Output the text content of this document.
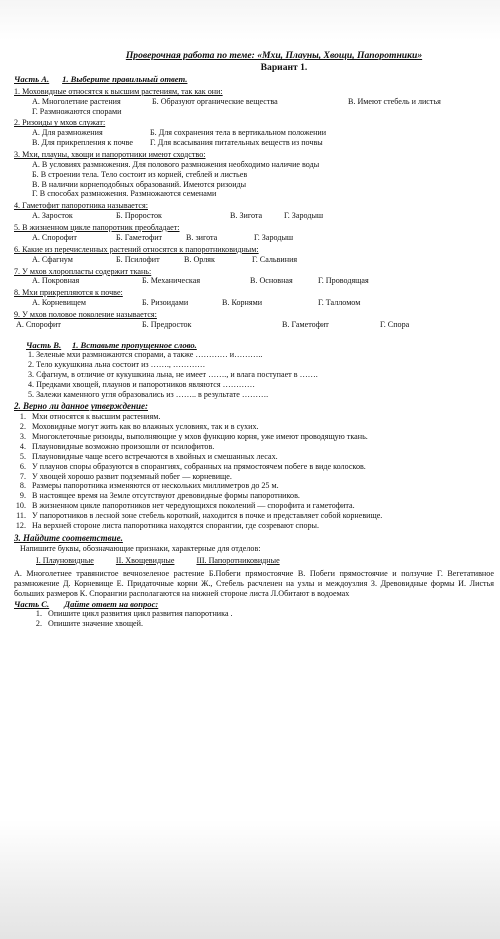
Проверочная работа по теме: «Мхи, Плауны, Хвощи, Папоротники»
Вариант 1.
Часть А. 1. Выберите правильный ответ.
1. Моховидные относятся к высшим растениям, так как они:
А. Многолетние растения	Б. Образуют органические вещества	В. Имеют стебель и листья
Г. Размножаются спорами
2. Ризоиды у мхов служат:
А. Для размножения	Б. Для сохранения тела в вертикальном положении
В. Для прикрепления к почве	Г. Для всасывания питательных веществ из почвы
3. Мхи, плауны, хвощи и папоротники имеют сходство:
А. В условиях размножения. Для полового размножения необходимо наличие воды
Б. В строении тела. Тело состоит из корней, стеблей и листьев
В. В наличии корнеподобных образований. Имеются ризоиды
Г. В способах размножения. Размножаются семенами
4. Гаметофит папоротника называется:
А. Заросток	Б. Проросток	В. Зигота	Г. Зародыш
5. В жизненном цикле папоротник преобладает:
А. Спорофит	Б. Гаметофит	В. зигота	Г. Зародыш
6. Какие из перечисленных растений относятся к папоротниковидным:
А. Сфагнум	Б. Псилофит	В. Орляк	Г. Сальвиния
7. У мхов хлоропласты содержит ткань:
А. Покровная	Б. Механическая	В. Основная	Г. Проводящая
8. Мхи прикрепляются к почве:
А. Корневищем	Б. Ризоидами	В. Корнями	Г. Талломом
9. У мхов половое поколение называется:
А. Спорофит	Б. Предросток	В. Гаметофит	Г. Спора
Часть В. 1. Вставьте пропущенное слово.
1. Зеленые мхи размножаются спорами, а также ………… и………..
2. Тело кукушкина льна состоит из ……., …………
3. Сфагнум, в отличие от кукушкина льна, не имеет ……., и влага поступает в …….
4. Предками хвощей, плаунов и папоротников являются …………
5. Залежи каменного угля образовались из …….. в результате ……….
2. Верно ли данное утверждение:
1. Мхи относятся к высшим растениям.
2. Моховидные могут жить как во влажных условиях, так и в сухих.
3. Многоклеточные ризоиды, выполняющие у мхов функцию корня, уже имеют проводящую ткань.
4. Плауновидные возможно произошли от псилофитов.
5. Плауновидные чаще всего встречаются в хвойных и смешанных лесах.
6. У плаунов споры образуются в спорангиях, собранных на прямостоячем побеге в виде колосков.
7. У хвощей хорошо развит подземный побег — корневище.
8. Размеры папоротника изменяются от нескольких миллиметров до 25 м.
9. В настоящее время на Земле отсутствуют древовидные формы папоротников.
10. В жизненном цикле папоротников нет чередующихся поколений — спорофита и гаметофита.
11. У папоротников в лесной зоне стебель короткий, находится в почке и представляет собой корневище.
12. На верхней стороне листа папоротника находятся спорангии, где созревают споры.
3. Найдите соответствие.
Напишите буквы, обозначающие признаки, характерные для отделов:
I. Плауновидные	II. Хвощевидные	III. Папоротниковидные
А. Многолетнее травянистое вечнозеленое растение Б.Побеги прямостоячие В. Побеги прямостоячие и ползучие Г. Вегетативное размножение Д. Корневище Е. Придаточные корни Ж., Стебель расчленен на узлы и междоузлия З. Древовидные формы И. Листья больших размеров К. Спорангии располагаются на нижней стороне листа Л.Обитают в водоемах
Часть С. Дайте ответ на вопрос:
1. Опишите цикл развития цикл развития папоротника .
2. Опишите значение хвощей.
